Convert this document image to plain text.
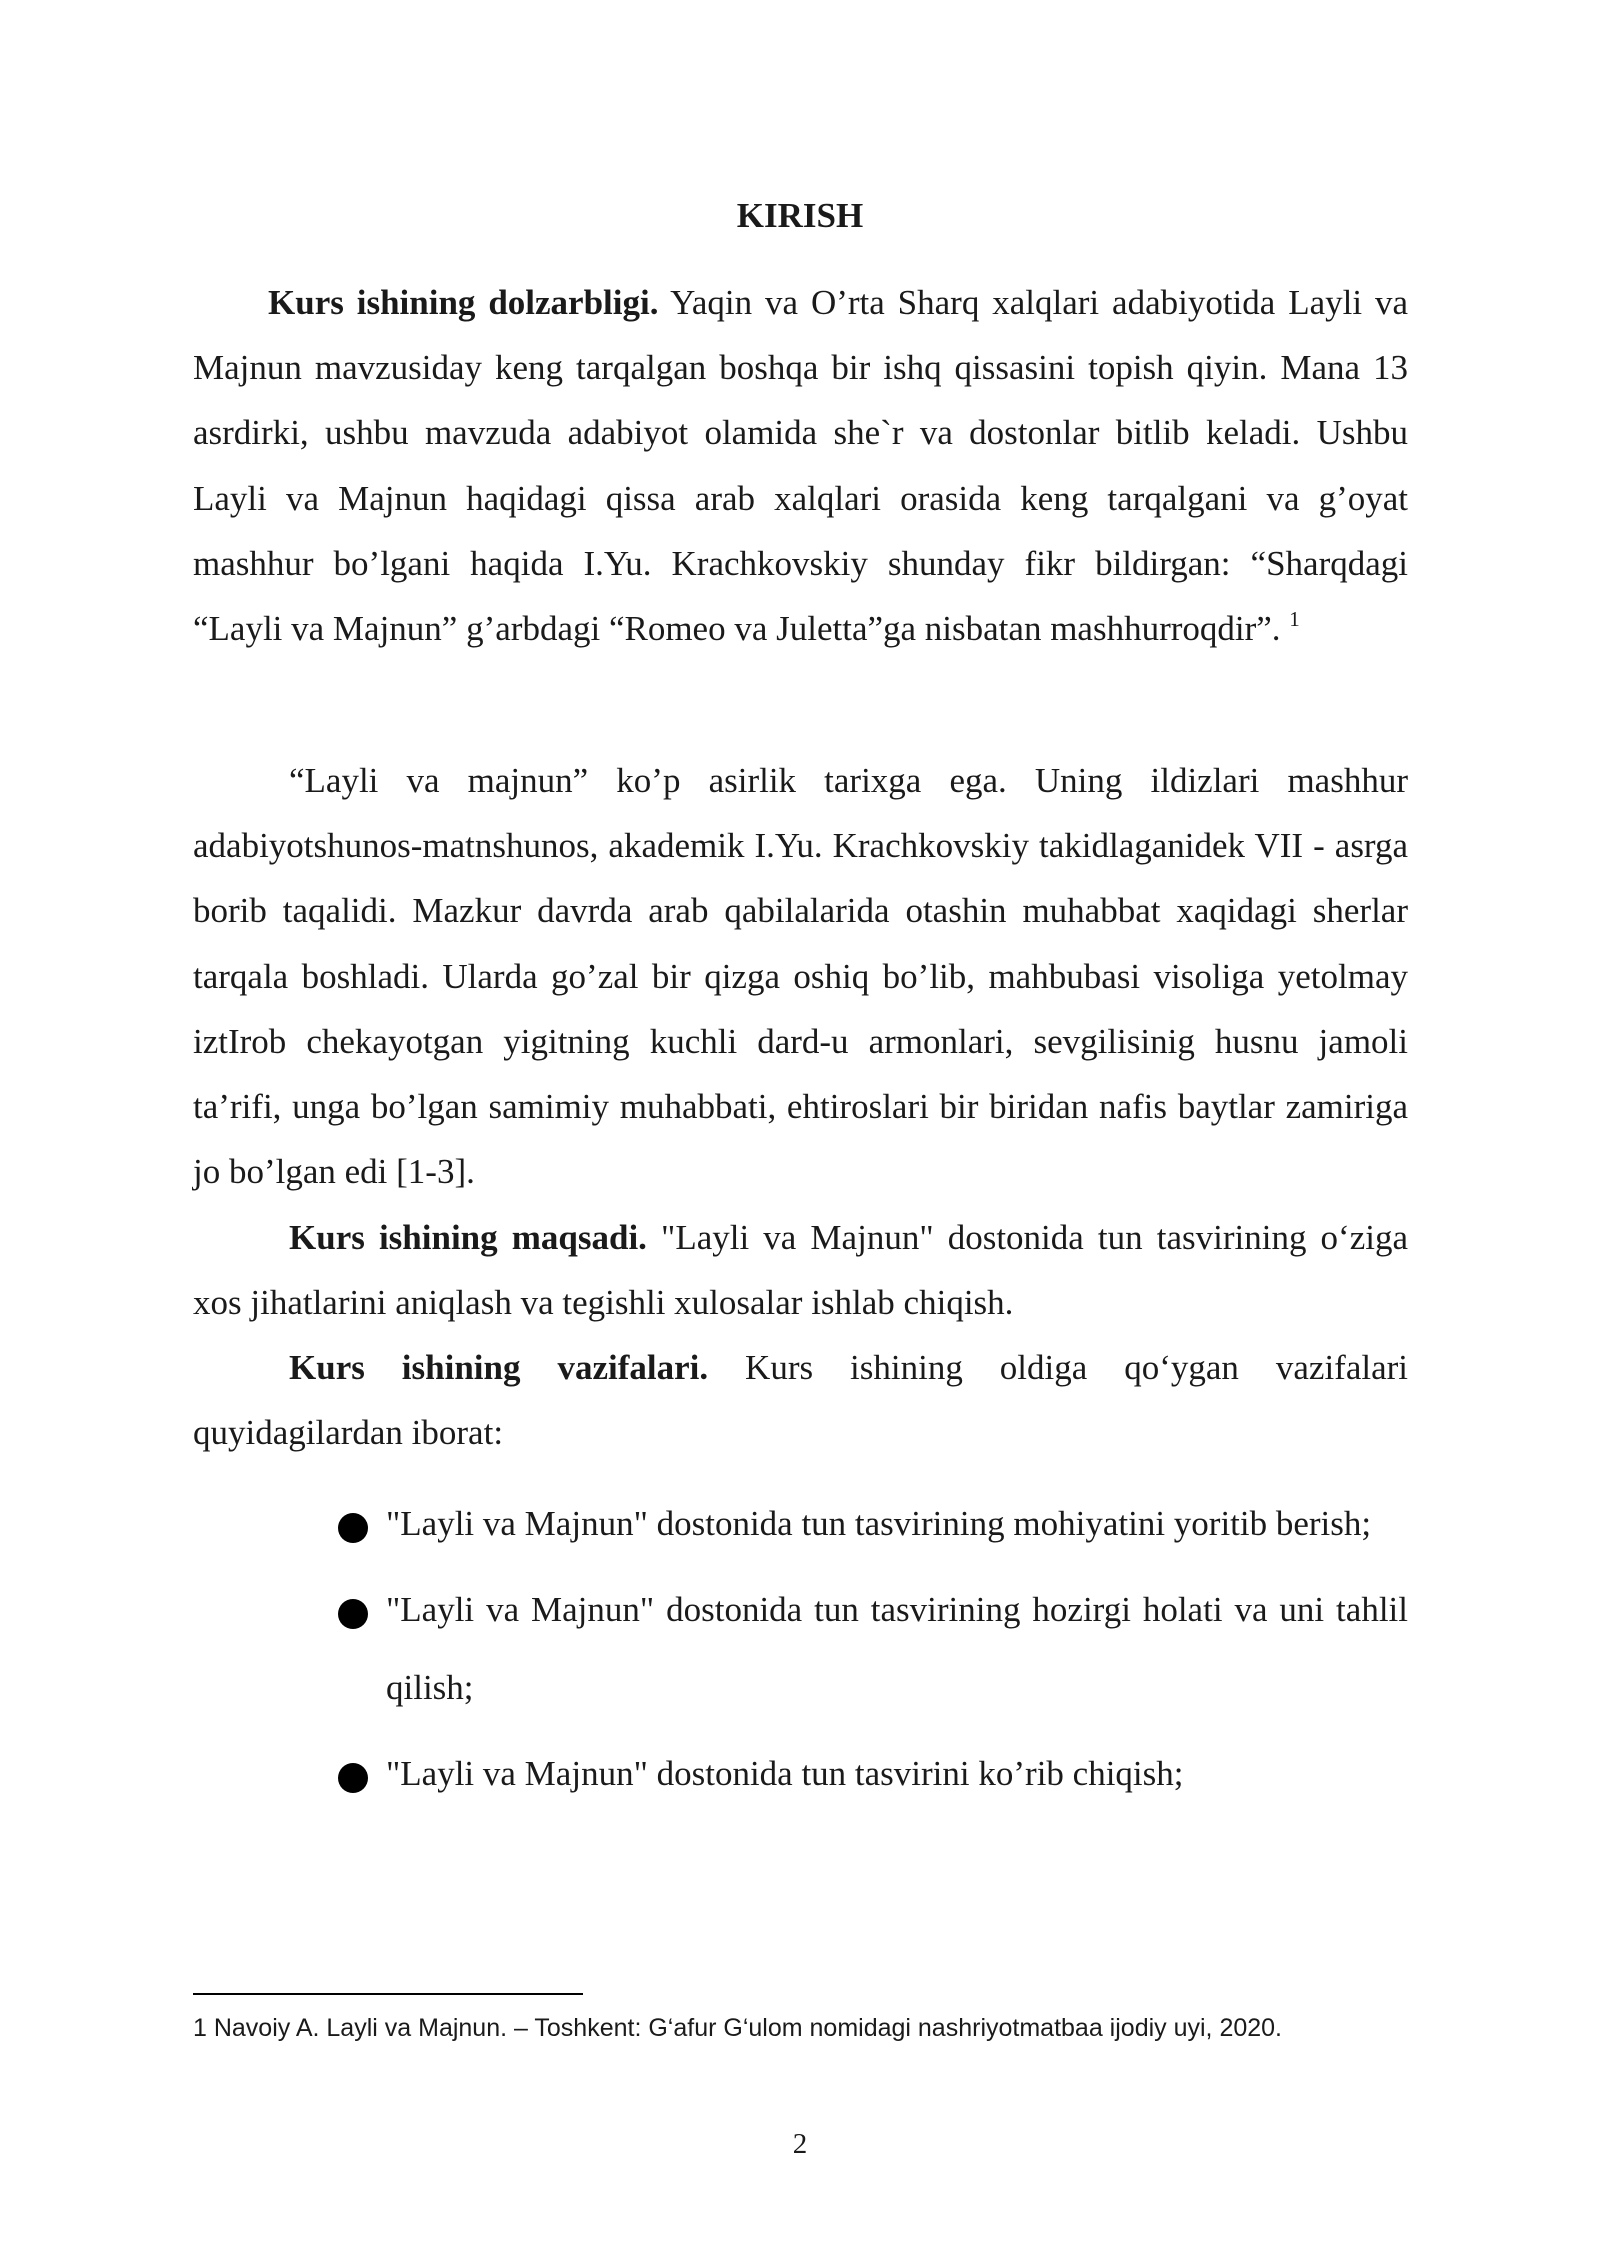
KIRISH

Kurs ishining dolzarbligi. Yaqin va O’rta Sharq xalqlari adabiyotida Layli va Majnun mavzusiday keng tarqalgan boshqa bir ishq qissasini topish qiyin. Mana 13 asrdirki, ushbu mavzuda adabiyot olamida she`r va dostonlar bitlib keladi. Ushbu Layli va Majnun haqidagi qissa arab xalqlari orasida keng tarqalgani va g’oyat mashhur bo’lgani haqida I.Yu. Krachkovskiy shunday fikr bildirgan: “Sharqdagi “Layli va Majnun” g’arbdagi “Romeo va Juletta”ga nisbatan mashhurroqdir”. $^1$

“Layli va majnun” ko’p asirlik tarixga ega. Uning ildizlari mashhur adabiyotshunos-matnshunos, akademik I.Yu. Krachkovskiy takidlaganidek VII - asrga borib taqalidi. Mazkur davrda arab qabilalarida otashin muhabbat xaqidagi sherlar tarqala boshladi. Ularda go’zal bir qizga oshiq bo’lib, mahbubasi visoliga yetolmay iztIrob chekayotgan yigitning kuchli dard-u armonlari, sevgilisinig husnu jamoli ta’rifi, unga bo’lgan samimiy muhabbati, ehtiroslari bir biridan nafis baytlar zamiriga jo bo’lgan edi [1-3].

Kurs ishining maqsadi. "Layli va Majnun" dostonida tun tasvirining o‘ziga xos jihatlarini aniqlash va tegishli xulosalar ishlab chiqish.

Kurs ishining vazifalari. Kurs ishining oldiga qo‘ygan vazifalari quyidagilardan iborat:

"Layli va Majnun" dostonida tun tasvirining mohiyatini yoritib berish;
"Layli va Majnun" dostonida tun tasvirining hozirgi holati va uni tahlil qilish;
"Layli va Majnun" dostonida tun tasvirini ko’rib chiqish;
1 Navoiy A. Layli va Majnun. – Toshkent: G‘afur G‘ulom nomidagi nashriyotmatbaa ijodiy uyi, 2020.
2
